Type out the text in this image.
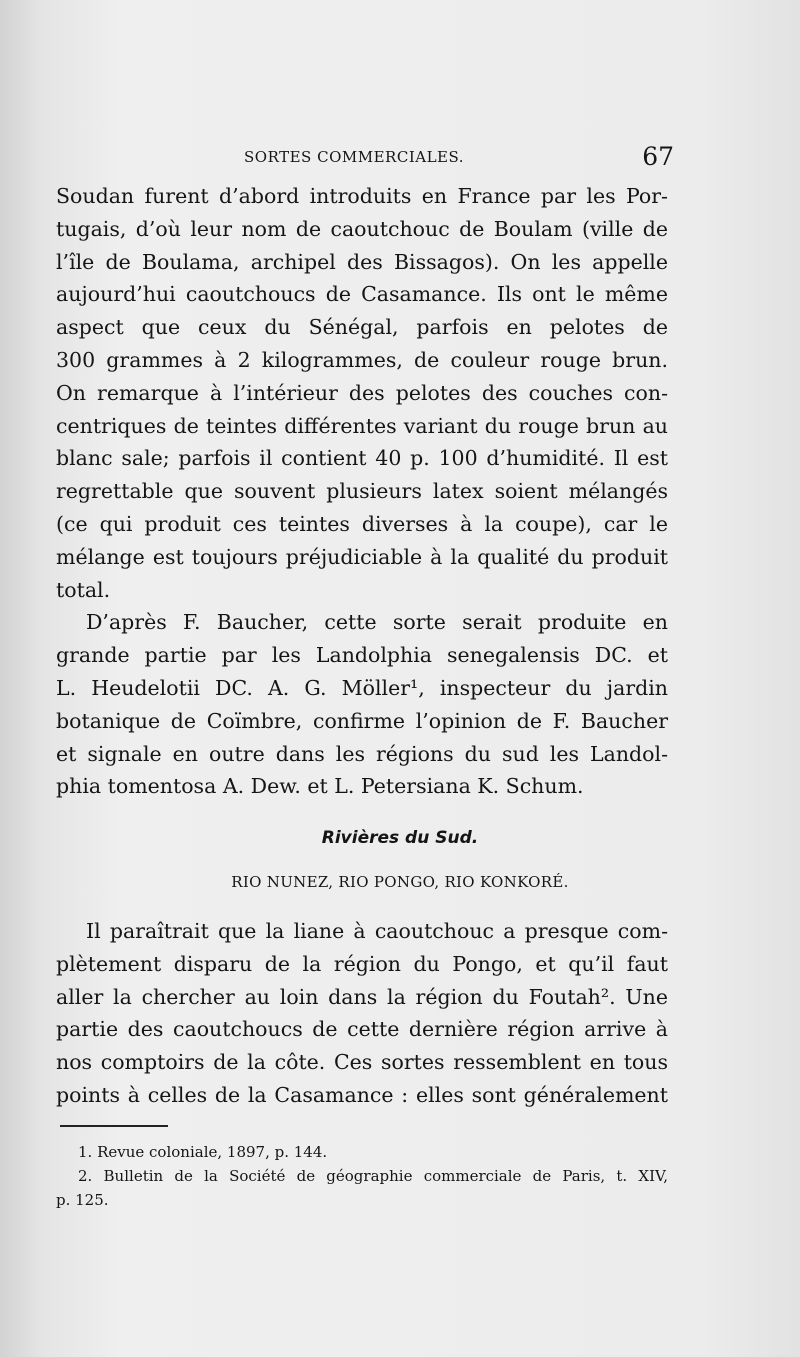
SORTES COMMERCIALES.	67
Soudan furent d’abord introduits en France par les Por-
tugais, d’où leur nom de caoutchouc de Boulam (ville de
l’île de Boulama, archipel des Bissagos). On les appelle
aujourd’hui caoutchoucs de Casamance. Ils ont le même
aspect que ceux du Sénégal, parfois en pelotes de
300 grammes à 2 kilogrammes, de couleur rouge brun.
On remarque à l’intérieur des pelotes des couches con-
centriques de teintes différentes variant du rouge brun au
blanc sale; parfois il contient 40 p. 100 d’humidité. Il est
regrettable que souvent plusieurs latex soient mélangés
(ce qui produit ces teintes diverses à la coupe), car le
mélange est toujours préjudiciable à la qualité du produit
total.
D’après F. Baucher, cette sorte serait produite en
grande partie par les Landolphia senegalensis DC. et
L. Heudelotii DC. A. G. Möller¹, inspecteur du jardin
botanique de Coïmbre, confirme l’opinion de F. Baucher
et signale en outre dans les régions du sud les Landol-
phia tomentosa A. Dew. et L. Petersiana K. Schum.
Rivières du Sud.
RIO NUNEZ, RIO PONGO, RIO KONKORÉ.
Il paraîtrait que la liane à caoutchouc a presque com-
plètement disparu de la région du Pongo, et qu’il faut
aller la chercher au loin dans la région du Foutah². Une
partie des caoutchoucs de cette dernière région arrive à
nos comptoirs de la côte. Ces sortes ressemblent en tous
points à celles de la Casamance : elles sont généralement
1. Revue coloniale, 1897, p. 144.
2. Bulletin de la Société de géographie commerciale de Paris, t. XIV,
p. 125.
